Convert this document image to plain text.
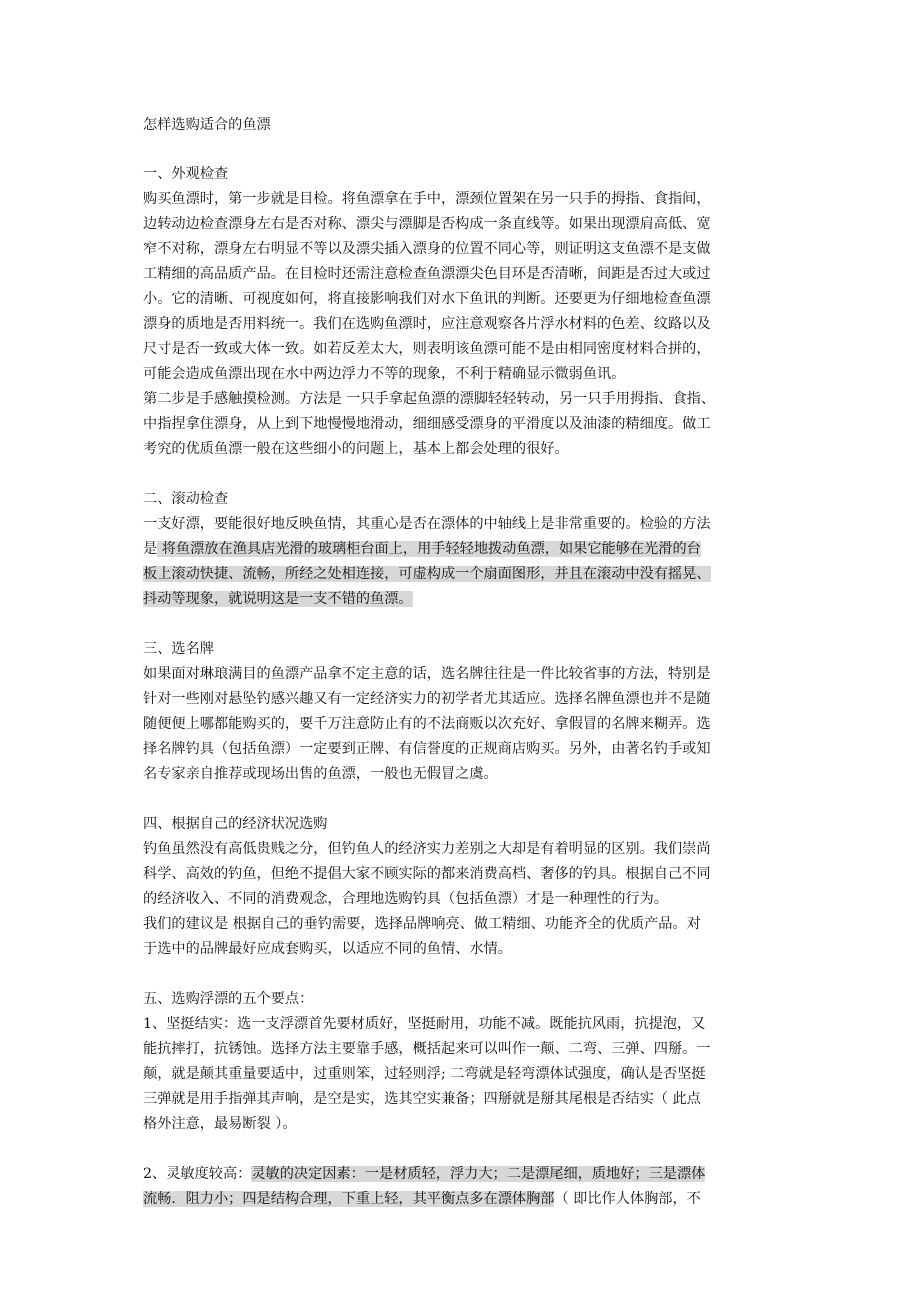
怎样选购适合的鱼漂
一、外观检查
购买鱼漂时，第一步就是目检。将鱼漂拿在手中，漂颈位置架在另一只手的拇指、食指间，
边转动边检查漂身左右是否对称、漂尖与漂脚是否构成一条直线等。如果出现漂肩高低、宽
窄不对称，漂身左右明显不等以及漂尖插入漂身的位置不同心等，则证明这支鱼漂不是支做
工精细的高品质产品。在目检时还需注意检查鱼漂漂尖色目环是否清晰，间距是否过大或过
小。它的清晰、可视度如何，将直接影响我们对水下鱼讯的判断。还要更为仔细地检查鱼漂
漂身的质地是否用料统一。我们在选购鱼漂时，应注意观察各片浮水材料的色差、纹路以及
尺寸是否一致或大体一致。如若反差太大，则表明该鱼漂可能不是由相同密度材料合拼的，
可能会造成鱼漂出现在水中两边浮力不等的现象，不利于精确显示微弱鱼讯。
第二步是手感触摸检测。方法是 一只手拿起鱼漂的漂脚轻轻转动，另一只手用拇指、食指、
中指捏拿住漂身，从上到下地慢慢地滑动，细细感受漂身的平滑度以及油漆的精细度。做工
考究的优质鱼漂一般在这些细小的问题上，基本上都会处理的很好。
二、滚动检查
一支好漂，要能很好地反映鱼情，其重心是否在漂体的中轴线上是非常重要的。检验的方法
是 将鱼漂放在渔具店光滑的玻璃柜台面上，用手轻轻地拨动鱼漂，如果它能够在光滑的台
板上滚动快捷、流畅，所经之处相连接，可虚构成一个扇面图形，并且在滚动中没有摇晃、
抖动等现象，就说明这是一支不错的鱼漂。
三、选名牌
如果面对琳琅满目的鱼漂产品拿不定主意的话，选名牌往往是一件比较省事的方法，特别是
针对一些刚对悬坠钓感兴趣又有一定经济实力的初学者尤其适应。选择名牌鱼漂也并不是随
随便便上哪都能购买的，要千万注意防止有的不法商贩以次充好、拿假冒的名牌来糊弄。选
择名牌钓具（包括鱼漂）一定要到正牌、有信誉度的正规商店购买。另外，由著名钓手或知
名专家亲自推荐或现场出售的鱼漂，一般也无假冒之虞。
四、根据自己的经济状况选购
钓鱼虽然没有高低贵贱之分，但钓鱼人的经济实力差别之大却是有着明显的区别。我们崇尚
科学、高效的钓鱼，但绝不提倡大家不顾实际的都来消费高档、奢侈的钓具。根据自己不同
的经济收入、不同的消费观念，合理地选购钓具（包括鱼漂）才是一种理性的行为。
我们的建议是 根据自己的垂钓需要，选择品牌响亮、做工精细、功能齐全的优质产品。对
于选中的品牌最好应成套购买，以适应不同的鱼情、水情。
五、选购浮漂的五个要点：
1、坚挺结实：选一支浮漂首先要材质好，坚挺耐用，功能不减。既能抗风雨，抗提泡，又
能抗摔打，抗锈蚀。选择方法主要靠手感，概括起来可以叫作一颠、二弯、三弹、四掰。一
颠，就是颠其重量要适中，过重则笨，过轻则浮; 二弯就是轻弯漂体试强度，确认是否坚挺
三弹就是用手指弹其声响，是空是实，选其空实兼备；四掰就是掰其尾根是否结实（ 此点
格外注意，最易断裂 ）。
2、灵敏度较高：灵敏的决定因素：一是材质轻，浮力大；二是漂尾细，质地好；三是漂体
流畅．阻力小；四是结构合理，下重上轻，其平衡点多在漂体胸部（ 即比作人体胸部，不
